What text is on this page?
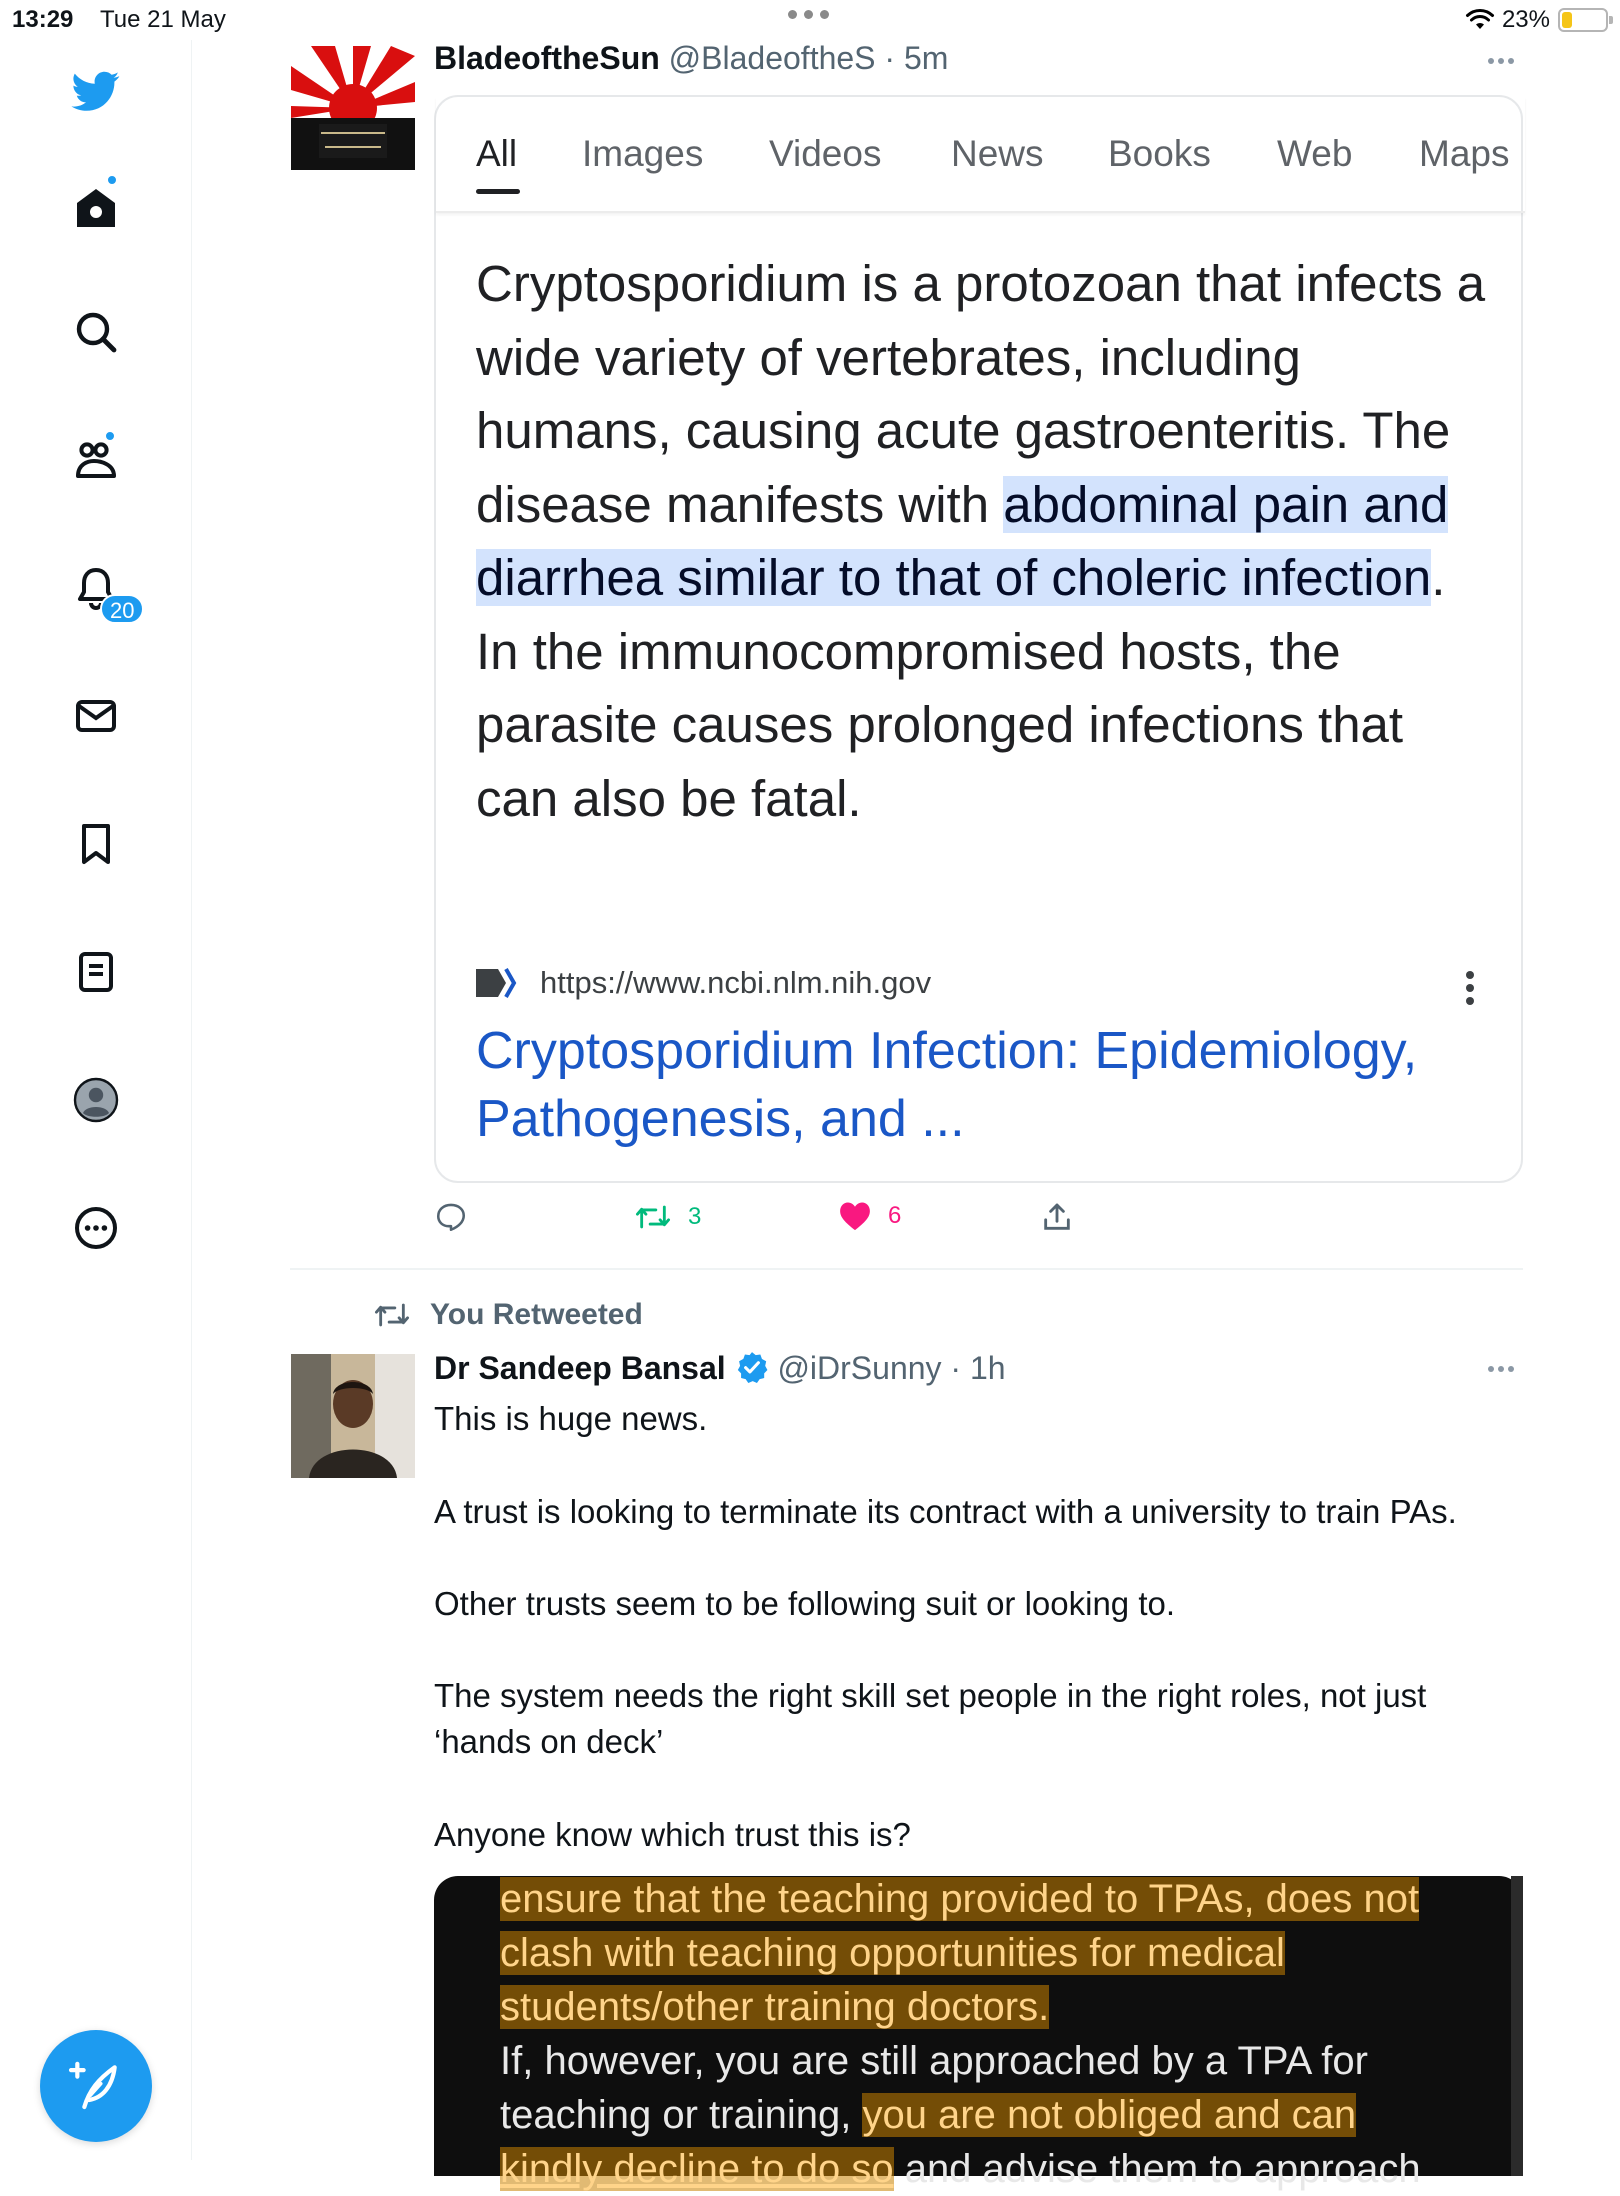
13:29 Tue 21 May	23%
20
BladeoftheSun @BladeoftheS · 5m
All Images Videos News Books Web Maps
Cryptosporidium is a protozoan that infects a wide variety of vertebrates, including humans, causing acute gastroenteritis. The disease manifests with abdominal pain and diarrhea similar to that of choleric infection. In the immunocompromised hosts, the parasite causes prolonged infections that can also be fatal.
https://www.ncbi.nlm.nih.gov
Cryptosporidium Infection: Epidemiology, Pathogenesis, and ...
3	6
You Retweeted
Dr Sandeep Bansal @iDrSunny · 1h
This is huge news.
A trust is looking to terminate its contract with a university to train PAs.
Other trusts seem to be following suit or looking to.
The system needs the right skill set people in the right roles, not just ‘hands on deck’
Anyone know which trust this is?
ensure that the teaching provided to TPAs, does not
clash with teaching opportunities for medical
students/other training doctors.
If, however, you are still approached by a TPA for
teaching or training, you are not obliged and can
kindly decline to do so and advise them to approach
